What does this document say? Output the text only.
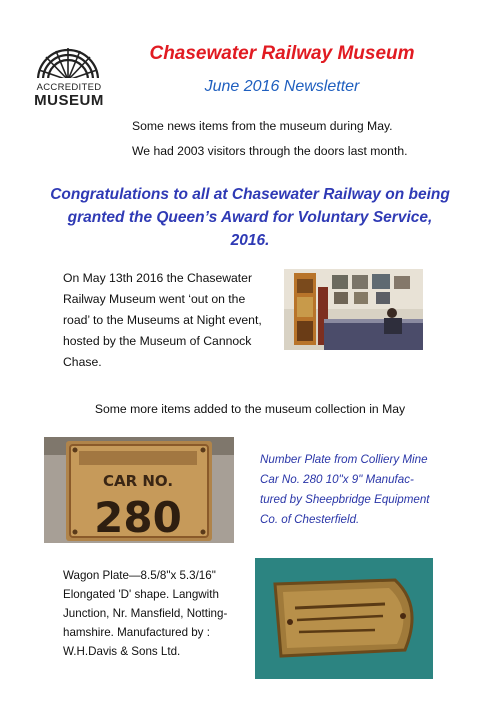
ACCREDITED
MUSEUM
Chasewater Railway Museum
June 2016 Newsletter
Some news items from the museum during May.
We had 2003 visitors through the doors last month.
Congratulations to all at Chasewater Railway on being
granted the Queen’s Award for Voluntary Service,
2016.
On May 13th 2016 the Chasewater
Railway Museum went ‘out on the
road’ to the Museums at Night event,
hosted by the Museum of Cannock
Chase.
Some more items added to the museum collection in May
CAR NO.
280
Number Plate from Colliery Mine
Car No. 280 10"x 9" Manufac-
tured by Sheepbridge Equipment
Co. of Chesterfield.
Wagon Plate—8.5/8"x 5.3/16"
Elongated 'D' shape. Langwith
Junction, Nr. Mansfield, Notting-
hamshire. Manufactured by :
W.H.Davis & Sons Ltd.
